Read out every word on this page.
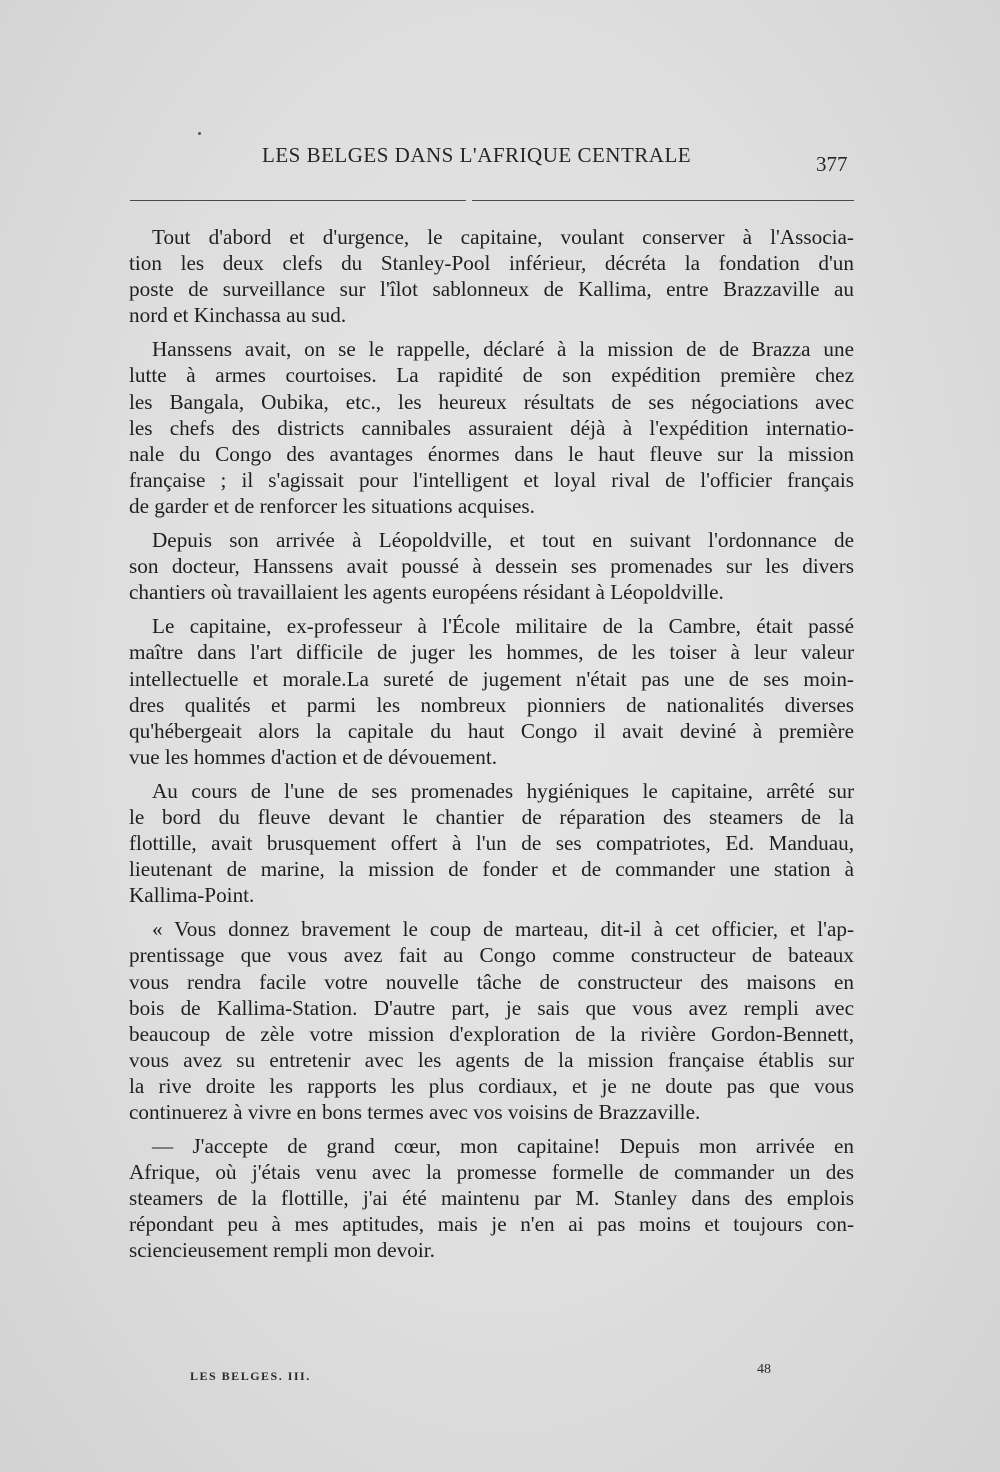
LES BELGES DANS L'AFRIQUE CENTRALE	377
Tout d'abord et d'urgence, le capitaine, voulant conserver à l'Associa-
tion les deux clefs du Stanley-Pool inférieur, décréta la fondation d'un
poste de surveillance sur l'îlot sablonneux de Kallima, entre Brazzaville au
nord et Kinchassa au sud.
Hanssens avait, on se le rappelle, déclaré à la mission de de Brazza une
lutte à armes courtoises. La rapidité de son expédition première chez
les Bangala, Oubika, etc., les heureux résultats de ses négociations avec
les chefs des districts cannibales assuraient déjà à l'expédition internatio-
nale du Congo des avantages énormes dans le haut fleuve sur la mission
française ; il s'agissait pour l'intelligent et loyal rival de l'officier français
de garder et de renforcer les situations acquises.
Depuis son arrivée à Léopoldville, et tout en suivant l'ordonnance de
son docteur, Hanssens avait poussé à dessein ses promenades sur les divers
chantiers où travaillaient les agents européens résidant à Léopoldville.
Le capitaine, ex-professeur à l'École militaire de la Cambre, était passé
maître dans l'art difficile de juger les hommes, de les toiser à leur valeur
intellectuelle et morale.La sureté de jugement n'était pas une de ses moin-
dres qualités et parmi les nombreux pionniers de nationalités diverses
qu'hébergeait alors la capitale du haut Congo il avait deviné à première
vue les hommes d'action et de dévouement.
Au cours de l'une de ses promenades hygiéniques le capitaine, arrêté sur
le bord du fleuve devant le chantier de réparation des steamers de la
flottille, avait brusquement offert à l'un de ses compatriotes, Ed. Manduau,
lieutenant de marine, la mission de fonder et de commander une station à
Kallima-Point.
« Vous donnez bravement le coup de marteau, dit-il à cet officier, et l'ap-
prentissage que vous avez fait au Congo comme constructeur de bateaux
vous rendra facile votre nouvelle tâche de constructeur des maisons en
bois de Kallima-Station. D'autre part, je sais que vous avez rempli avec
beaucoup de zèle votre mission d'exploration de la rivière Gordon-Bennett,
vous avez su entretenir avec les agents de la mission française établis sur
la rive droite les rapports les plus cordiaux, et je ne doute pas que vous
continuerez à vivre en bons termes avec vos voisins de Brazzaville.
— J'accepte de grand cœur, mon capitaine! Depuis mon arrivée en
Afrique, où j'étais venu avec la promesse formelle de commander un des
steamers de la flottille, j'ai été maintenu par M. Stanley dans des emplois
répondant peu à mes aptitudes, mais je n'en ai pas moins et toujours con-
sciencieusement rempli mon devoir.
LES BELGES. III.	48
